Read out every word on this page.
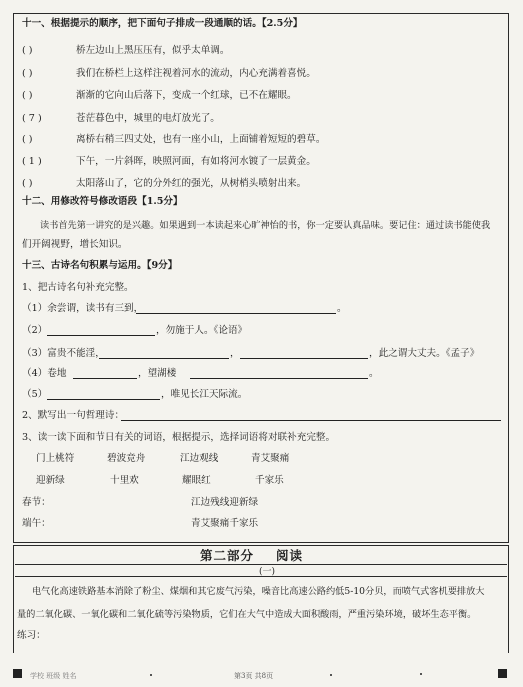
十一、根据提示的顺序，把下面句子排成一段通顺的话。【2.5分】
( )	桥左边山上黑压压有，似乎太单调。
( )	我们在桥栏上这样注视着河水的流动，内心充满着喜悦。
( )	渐渐的它向山后落下，变成一个红球，已不在耀眼。
( 7 )	苍茫暮色中，城里的电灯放光了。
( )	离桥右稍三四丈处，也有一座小山，上面铺着短短的碧草。
( 1 )	下午，一片斜晖，映照河面，有如将河水镀了一层黄金。
( )	太阳落山了，它的分外红的强光，从树梢头喷射出来。
十二、用修改符号修改语段【1.5分】
读书首先第一讲究的是兴趣。如果遇到一本读起来心旷神怡的书，你一定要认真品味。要记住：通过读书能使我
们开阔视野，增长知识。
十三、古诗名句积累与运用。【9分】
1、把古诗名句补充完整。
（1）余尝谓，读书有三到，	。
（2）	，勿施于人。《论语》
（3）富贵不能淫，	，	，此之谓大丈夫。《孟子》
（4）卷地	，望湖楼	。
（5）	，唯见长江天际流。
2、默写出一句哲理诗：
3、读一读下面和节日有关的词语，根据提示，选择词语将对联补充完整。
门上桃符	碧波竞舟	江边观线	青艾聚痛
迎新绿	十里欢	耀眼红	千家乐
春节：	江边残线迎新绿
端午：	青艾聚痛千家乐
第二部分 阅读
(一)
电气化高速铁路基本消除了粉尘、煤烟和其它废气污染，噪音比高速公路约低5-10分贝，而喷气式客机要排放大
量的二氧化碳、一氧化碳和二氧化硫等污染物质，它们在大气中造成大面积酸雨，严重污染环境，破坏生态平衡。
练习：
学校 班级 姓名	第3页 共8页
